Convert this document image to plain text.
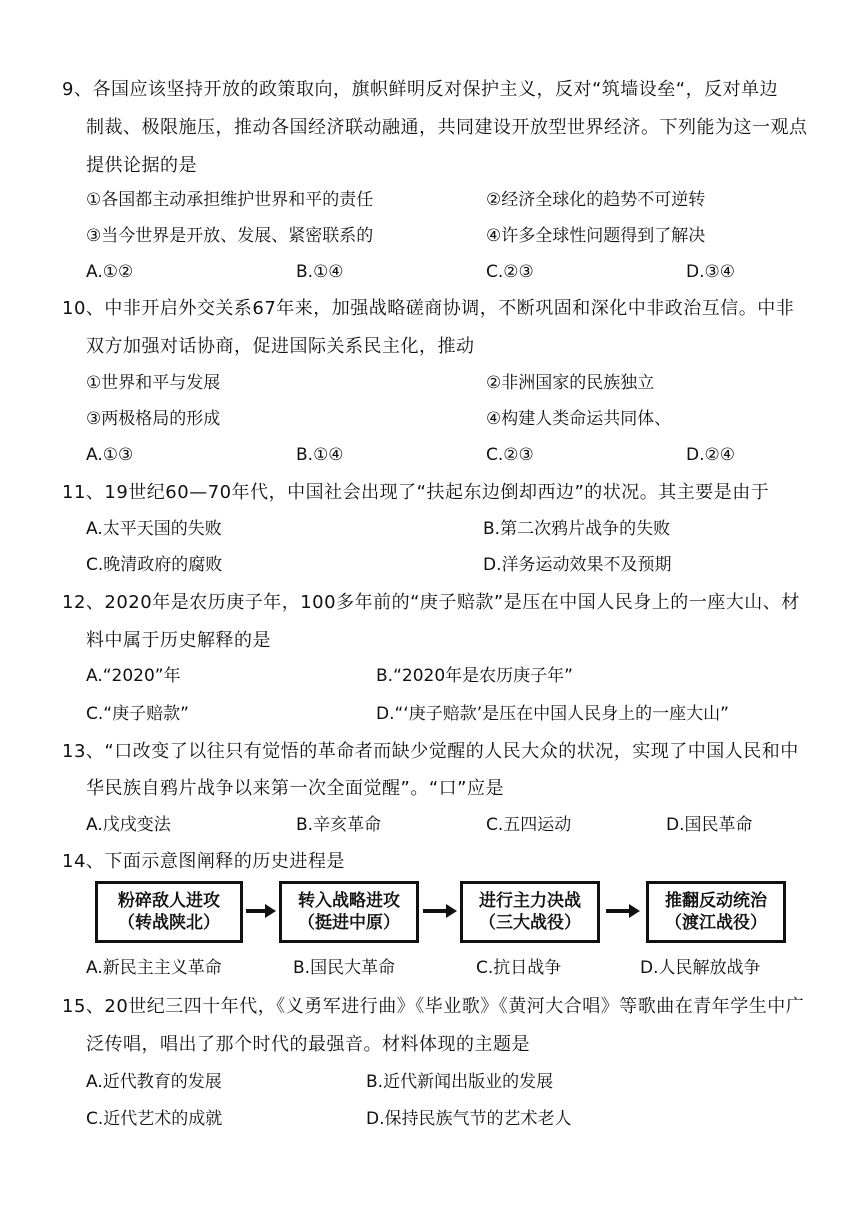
9、各国应该坚持开放的政策取向，旗帜鲜明反对保护主义，反对“筑墙设垒“，反对单边
制裁、极限施压，推动各国经济联动融通，共同建设开放型世界经济。下列能为这一观点
提供论据的是
①各国都主动承担维护世界和平的责任	②经济全球化的趋势不可逆转
③当今世界是开放、发展、紧密联系的	④许多全球性问题得到了解决
A.①②	B.①④	C.②③	D.③④
10、中非开启外交关系67年来，加强战略磋商协调，不断巩固和深化中非政治互信。中非
双方加强对话协商，促进国际关系民主化，推动
①世界和平与发展	②非洲国家的民族独立
③两极格局的形成	④构建人类命运共同体、
A.①③	B.①④	C.②③	D.②④
11、19世纪60—70年代，中国社会出现了“扶起东边倒却西边”的状况。其主要是由于
A.太平天国的失败	B.第二次鸦片战争的失败
C.晚清政府的腐败	D.洋务运动效果不及预期
12、2020年是农历庚子年，100多年前的“庚子赔款”是压在中国人民身上的一座大山、材
料中属于历史解释的是
A.“2020”年	B.“2020年是农历庚子年”
C.“庚子赔款”	D.“‘庚子赔款’是压在中国人民身上的一座大山”
13、“口改变了以往只有觉悟的革命者而缺少觉醒的人民大众的状况，实现了中国人民和中
华民族自鸦片战争以来第一次全面觉醒”。“口”应是
A.戊戌变法	B.辛亥革命	C.五四运动	D.国民革命
14、下面示意图阐释的历史进程是
粉碎敌人进攻
（转战陕北）
转入战略进攻
（挺进中原）
进行主力决战
（三大战役）
推翻反动统治
（渡江战役）
A.新民主主义革命	B.国民大革命	C.抗日战争	D.人民解放战争
15、20世纪三四十年代，《义勇军进行曲》《毕业歌》《黄河大合唱》等歌曲在青年学生中广
泛传唱，唱出了那个时代的最强音。材料体现的主题是
A.近代教育的发展	B.近代新闻出版业的发展
C.近代艺术的成就	D.保持民族气节的艺术老人
